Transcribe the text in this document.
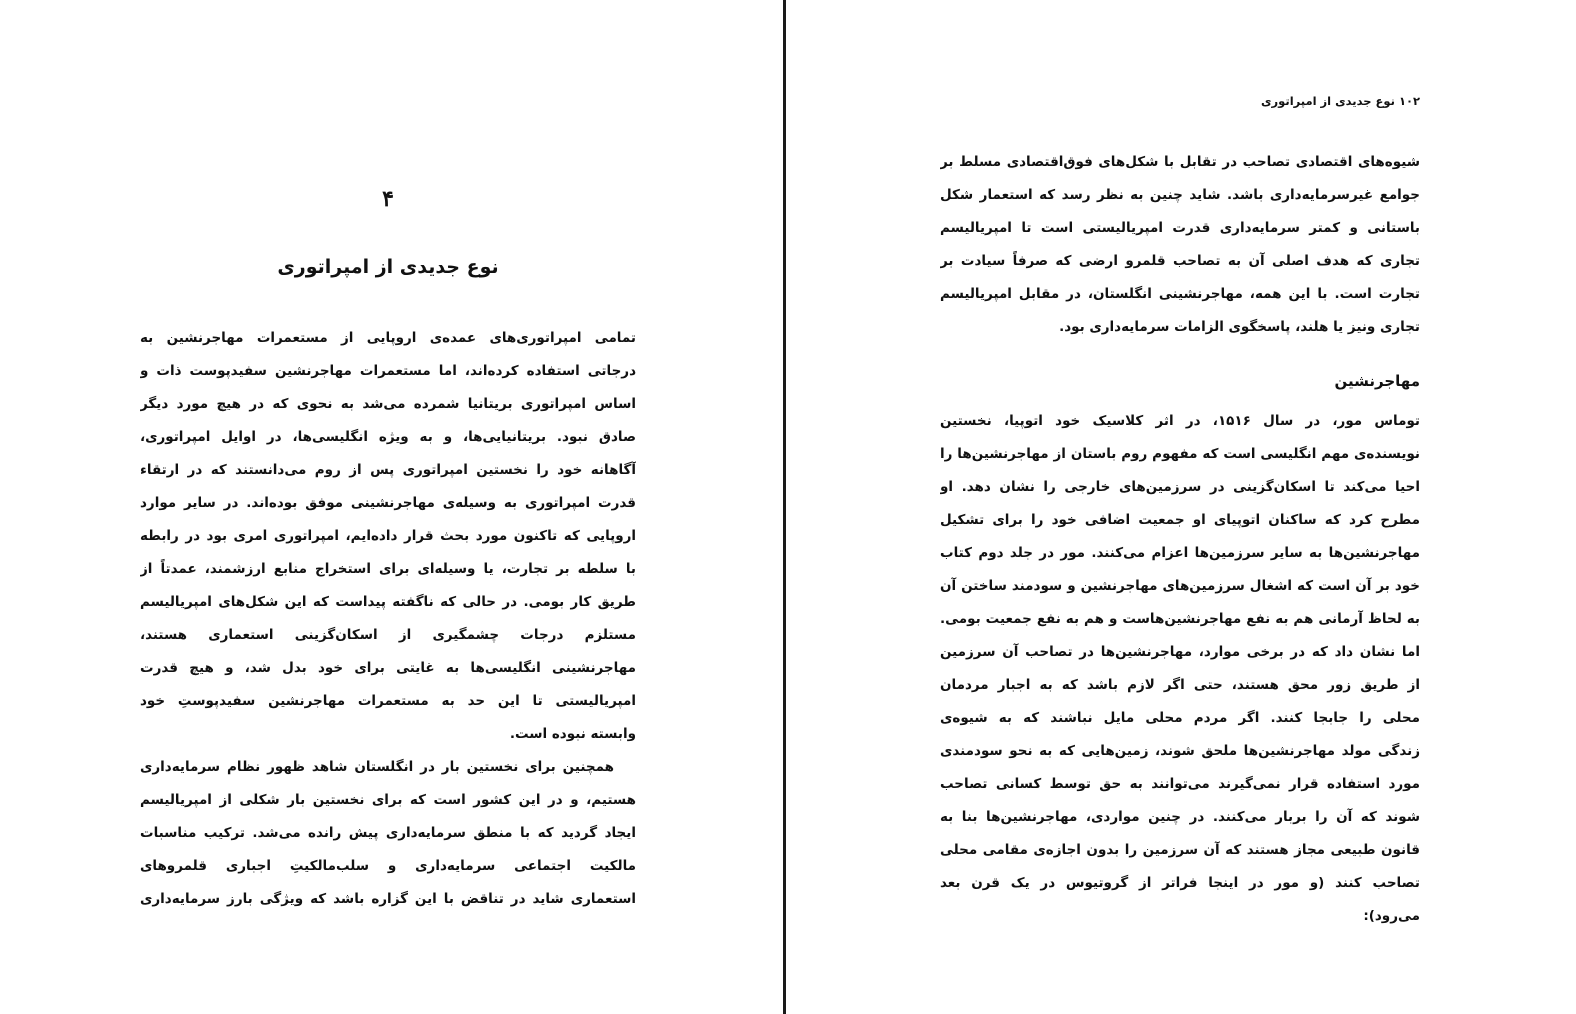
۴
نوع جدیدی از امپراتوری
تمامی امپراتوری‌های عمده‌ی اروپایی از مستعمرات مهاجرنشین به
درجاتی استفاده کرده‌اند، اما مستعمرات مهاجرنشین سفیدپوست ذات و
اساس امپراتوری بریتانیا شمرده می‌شد به نحوی که در هیچ مورد دیگر
صادق نبود. بریتانیایی‌ها، و به ویژه انگلیسی‌ها، در اوایل امپراتوری،
آگاهانه خود را نخستین امپراتوری پس از روم می‌دانستند که در ارتقاء
قدرت امپراتوری به وسیله‌ی مهاجرنشینی موفق بوده‌اند. در سایر موارد
اروپایی که تاکنون مورد بحث قرار داده‌ایم، امپراتوری امری بود در رابطه
با سلطه بر تجارت، یا وسیله‌ای برای استخراج منابع ارزشمند، عمدتاً از
طریق کار بومی. در حالی که ناگفته پیداست که این شکل‌های امپریالیسم
مستلزم درجات چشمگیری از اسکان‌گزینی استعماری هستند،
مهاجرنشینی انگلیسی‌ها به غایتی برای خود بدل شد، و هیچ قدرت
امپریالیستی تا این حد به مستعمرات مهاجرنشین سفیدپوستِ خود
وابسته نبوده است.
همچنین برای نخستین بار در انگلستان شاهد ظهور نظام سرمایه‌داری
هستیم، و در این کشور است که برای نخستین بار شکلی از امپریالیسم
ایجاد گردید که با منطق سرمایه‌داری پیش رانده می‌شد. ترکیب مناسبات
مالکیت اجتماعی سرمایه‌داری و سلب‌مالکیتِ اجباری قلمروهای
استعماری شاید در تناقض با این گزاره باشد که ویژگی بارز سرمایه‌داری
۱۰۲ نوع جدیدی از امپراتوری
شیوه‌های اقتصادی تصاحب در تقابل با شکل‌های فوق‌اقتصادی مسلط بر
جوامع غیرسرمایه‌داری باشد. شاید چنین به نظر رسد که استعمار شکل
باستانی و کمتر سرمایه‌داری قدرت امپریالیستی است تا امپریالیسم
تجاری که هدف اصلی آن به تصاحب قلمرو ارضی که صرفاً سیادت بر
تجارت است. با این همه، مهاجرنشینی انگلستان، در مقابل امپریالیسم
تجاری ونیز یا هلند، پاسخگوی الزامات سرمایه‌داری بود.
مهاجرنشین
توماس مور، در سال ۱۵۱۶، در اثر کلاسیک خود اتوپیا، نخستین
نویسنده‌ی مهم انگلیسی است که مفهوم روم باستان از مهاجرنشین‌ها را
احیا می‌کند تا اسکان‌گزینی در سرزمین‌های خارجی را نشان دهد. او
مطرح کرد که ساکنان اتوپیای او جمعیت اضافی خود را برای تشکیل
مهاجرنشین‌ها به سایر سرزمین‌ها اعزام می‌کنند. مور در جلد دوم کتاب
خود بر آن است که اشغال سرزمین‌های مهاجرنشین و سودمند ساختن آن
به لحاظ آرمانی هم به نفع مهاجرنشین‌هاست و هم به نفع جمعیت بومی.
اما نشان داد که در برخی موارد، مهاجرنشین‌ها در تصاحب آن سرزمین
از طریق زور محق هستند، حتی اگر لازم باشد که به اجبار مردمان
محلی را جابجا کنند. اگر مردم محلی مایل نباشند که به شیوه‌ی
زندگی مولد مهاجرنشین‌ها ملحق شوند، زمین‌هایی که به نحو سودمندی
مورد استفاده قرار نمی‌گیرند می‌توانند به حق توسط کسانی تصاحب
شوند که آن را بربار می‌کنند. در چنین مواردی، مهاجرنشین‌ها بنا به
قانون طبیعی مجاز هستند که آن سرزمین را بدون اجازه‌ی مقامی محلی
تصاحب کنند (و مور در اینجا فراتر از گروتیوس در یک قرن بعد
می‌رود):
